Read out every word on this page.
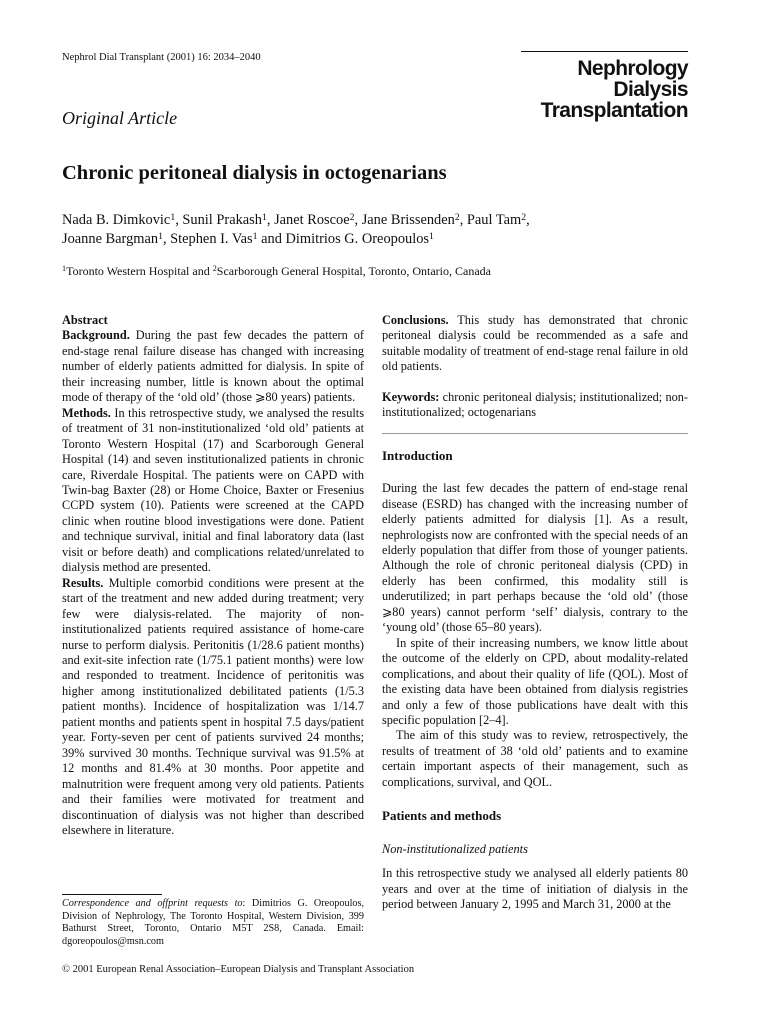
Nephrol Dial Transplant (2001) 16: 2034–2040	Nephrology
Dialysis
Transplantation
Original Article
Chronic peritoneal dialysis in octogenarians
Nada B. Dimkovic$^1$, Sunil Prakash$^1$, Janet Roscoe$^2$, Jane Brissenden$^2$, Paul Tam$^2$,
Joanne Bargman$^1$, Stephen I. Vas$^1$ and Dimitrios G. Oreopoulos$^1$
$^1$Toronto Western Hospital and $^2$Scarborough General Hospital, Toronto, Ontario, Canada

Abstract

Background. During the past few decades the pattern of end-stage renal failure disease has changed with increasing number of elderly patients admitted for dialysis. In spite of their increasing number, little is known about the optimal mode of therapy of the ‘old old’ (those ⩾80 years) patients.

Methods. In this retrospective study, we analysed the results of treatment of 31 non-institutionalized ‘old old’ patients at Toronto Western Hospital (17) and Scarborough General Hospital (14) and seven institutionalized patients in chronic care, Riverdale Hospital. The patients were on CAPD with Twin-bag Baxter (28) or Home Choice, Baxter or Fresenius CCPD system (10). Patients were screened at the CAPD clinic when routine blood investigations were done. Patient and technique survival, initial and final laboratory data (last visit or before death) and complications related/unrelated to dialysis method are presented.

Results. Multiple comorbid conditions were present at the start of the treatment and new added during treatment; very few were dialysis-related. The majority of non-institutionalized patients required assistance of home-care nurse to perform dialysis. Peritonitis (1/28.6 patient months) and exit-site infection rate (1/75.1 patient months) were low and responded to treatment. Incidence of peritonitis was higher among institutionalized debilitated patients (1/5.3 patient months). Incidence of hospitalization was 1/14.7 patient months and patients spent in hospital 7.5 days/patient year. Forty-seven per cent of patients survived 24 months; 39% survived 30 months. Technique survival was 91.5% at 12 months and 81.4% at 30 months. Poor appetite and malnutrition were frequent among very old patients. Patients and their families were motivated for treatment and discontinuation of dialysis was not higher than described elsewhere in literature.

Conclusions. This study has demonstrated that chronic peritoneal dialysis could be recommended as a safe and suitable modality of treatment of end-stage renal failure in old old patients.

Keywords: chronic peritoneal dialysis; institutionalized; non-institutionalized; octogenarians

Introduction

During the last few decades the pattern of end-stage renal disease (ESRD) has changed with the increasing number of elderly patients admitted for dialysis [1]. As a result, nephrologists now are confronted with the special needs of an elderly population that differ from those of younger patients. Although the role of chronic peritoneal dialysis (CPD) in elderly has been confirmed, this modality still is underutilized; in part perhaps because the ‘old old’ (those ⩾80 years) cannot perform ‘self’ dialysis, contrary to the ‘young old’ (those 65–80 years).

In spite of their increasing numbers, we know little about the outcome of the elderly on CPD, about modality-related complications, and about their quality of life (QOL). Most of the existing data have been obtained from dialysis registries and only a few of those publications have dealt with this specific population [2–4].

The aim of this study was to review, retrospectively, the results of treatment of 38 ‘old old’ patients and to examine certain important aspects of their management, such as complications, survival, and QOL.

Patients and methods

Non-institutionalized patients

In this retrospective study we analysed all elderly patients 80 years and over at the time of initiation of dialysis in the period between January 2, 1995 and March 31, 2000 at the

Correspondence and offprint requests to: Dimitrios G. Oreopoulos, Division of Nephrology, The Toronto Hospital, Western Division, 399 Bathurst Street, Toronto, Ontario M5T 2S8, Canada. Email: dgoreopoulos@msn.com
© 2001 European Renal Association–European Dialysis and Transplant Association
